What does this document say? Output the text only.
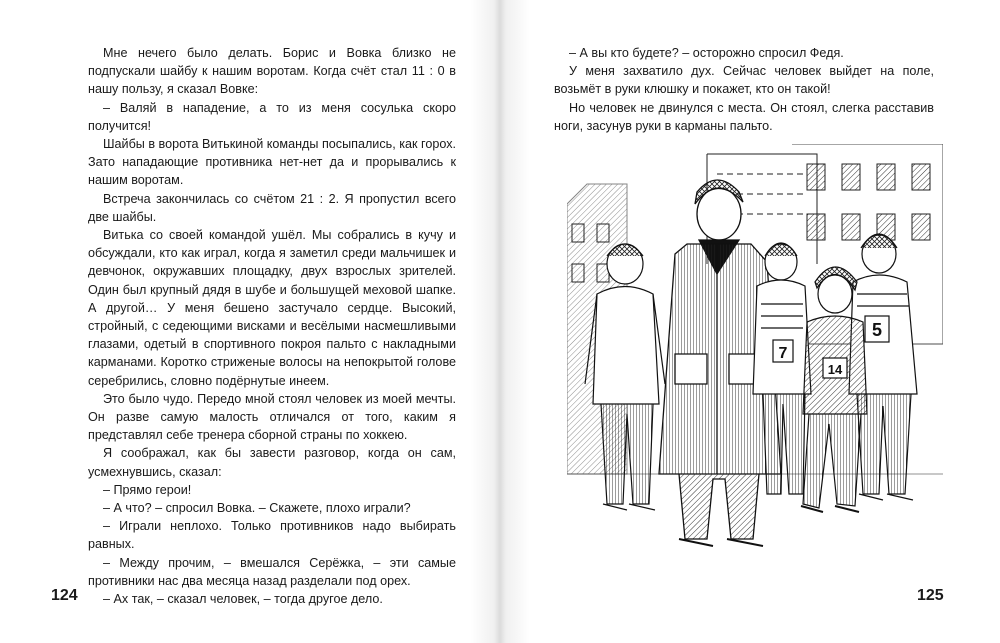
Мне нечего было делать. Борис и Вовка близко не подпускали шайбу к нашим воротам. Когда счёт стал 11 : 0 в нашу пользу, я сказал Вовке:

– Валяй в нападение, а то из меня сосулька скоро получится!

Шайбы в ворота Витькиной команды посыпались, как горох. Зато нападающие противника нет-нет да и прорывались к нашим воротам.

Встреча закончилась со счётом 21 : 2. Я пропустил всего две шайбы.

Витька со своей командой ушёл. Мы собрались в кучу и обсуждали, кто как играл, когда я заметил среди мальчишек и девчонок, окружавших площадку, двух взрослых зрителей. Один был крупный дядя в шубе и большущей меховой шапке. А другой… У меня бешено застучало сердце. Высокий, стройный, с седеющими висками и весёлыми насмешливыми глазами, одетый в спортивного покроя пальто с накладными карманами. Коротко стриженые волосы на непокрытой голове серебрились, словно подёрнутые инеем.

Это было чудо. Передо мной стоял человек из моей мечты. Он разве самую малость отличался от того, каким я представлял себе тренера сборной страны по хоккею.

Я соображал, как бы завести разговор, когда он сам, усмехнувшись, сказал:

– Прямо герои!

– А что? – спросил Вовка. – Скажете, плохо играли?

– Играли неплохо. Только противников надо выбирать равных.

– Между прочим, – вмешался Серёжка, – эти самые противники нас два месяца назад разделали под орех.

– Ах так, – сказал человек, – тогда другое дело.

124

– А вы кто будете? – осторожно спросил Федя.

У меня захватило дух. Сейчас человек выйдет на поле, возьмёт в руки клюшку и покажет, кто он такой!

Но человек не двинулся с места. Он стоял, слегка расставив ноги, засунув руки в карманы пальто.

7
5
14
125
